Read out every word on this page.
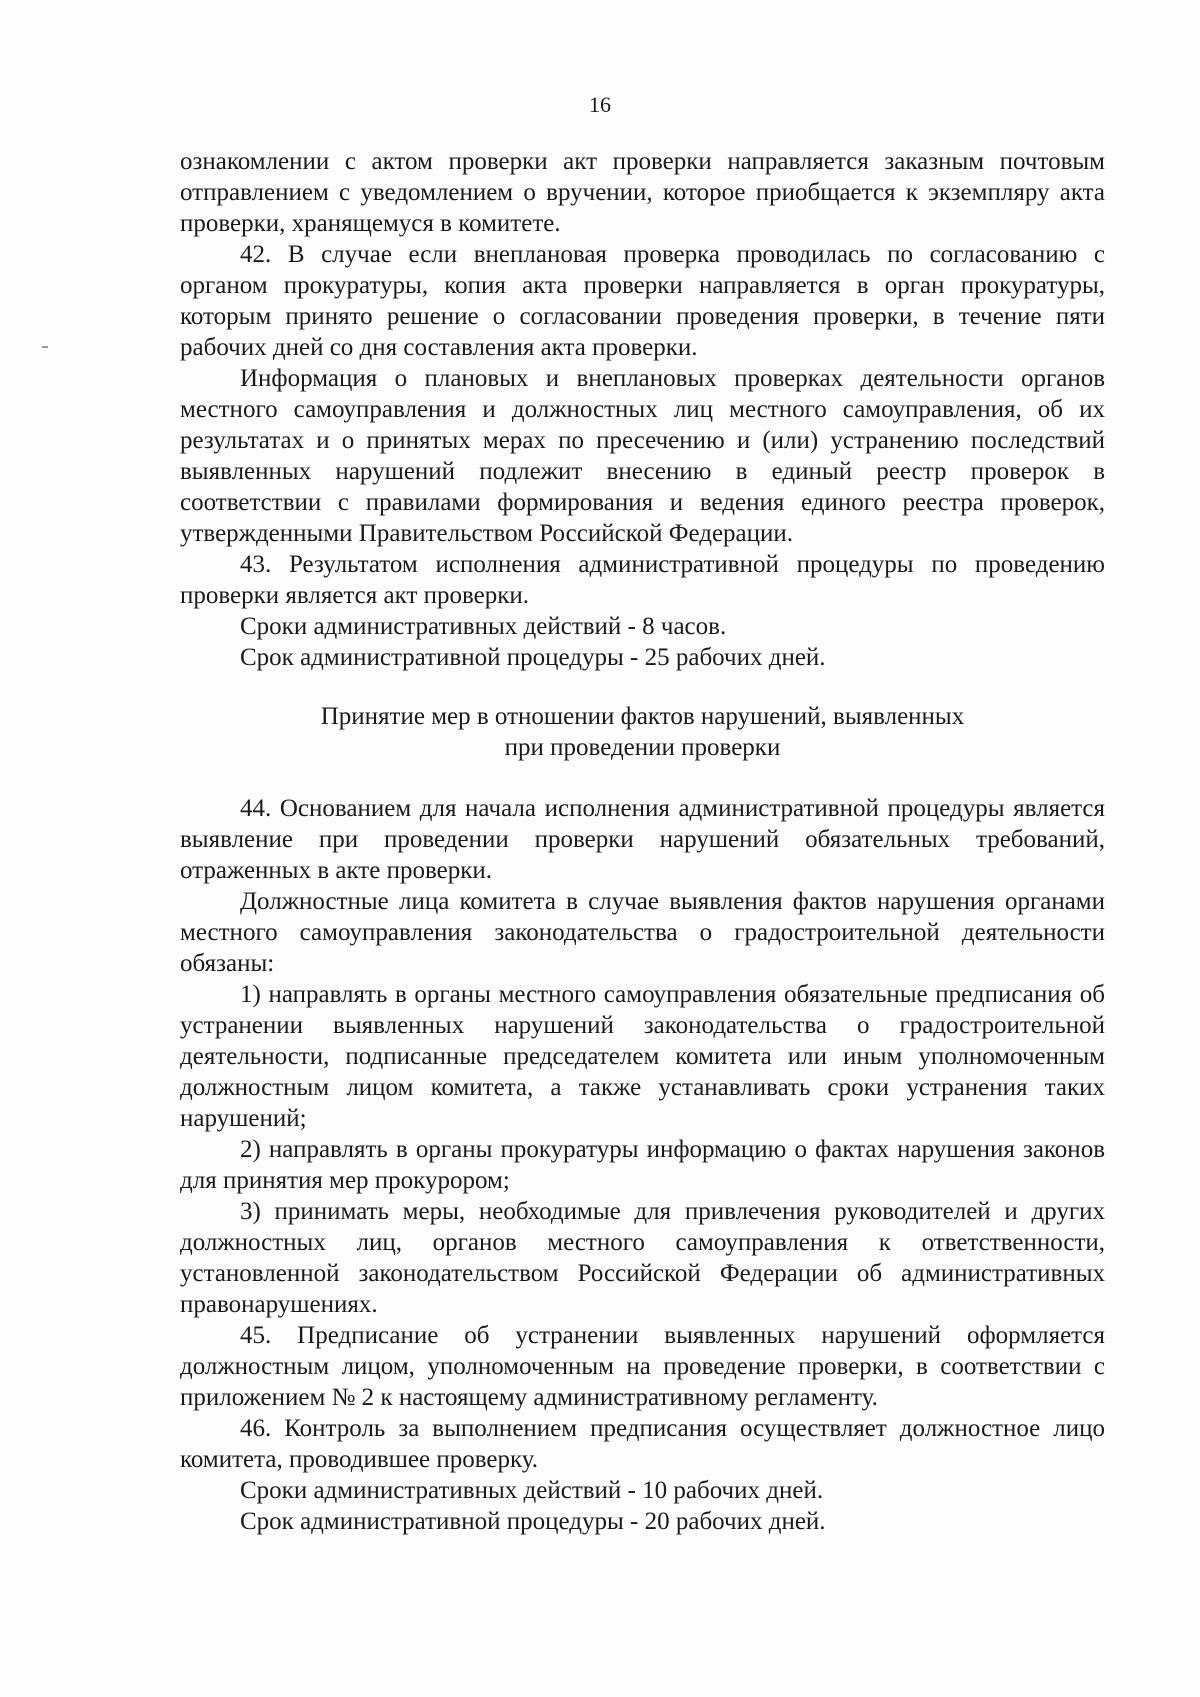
16

ознакомлении с актом проверки акт проверки направляется заказным почтовым отправлением с уведомлением о вручении, которое приобщается к экземпляру акта проверки, хранящемуся в комитете.

42. В случае если внеплановая проверка проводилась по согласованию с органом прокуратуры, копия акта проверки направляется в орган прокуратуры, которым принято решение о согласовании проведения проверки, в течение пяти рабочих дней со дня составления акта проверки.

Информация о плановых и внеплановых проверках деятельности органов местного самоуправления и должностных лиц местного самоуправления, об их результатах и о принятых мерах по пресечению и (или) устранению последствий выявленных нарушений подлежит внесению в единый реестр проверок в соответствии с правилами формирования и ведения единого реестра проверок, утвержденными Правительством Российской Федерации.

43. Результатом исполнения административной процедуры по проведению проверки является акт проверки.

Сроки административных действий - 8 часов.

Срок административной процедуры - 25 рабочих дней.

Принятие мер в отношении фактов нарушений, выявленных
при проведении проверки

44. Основанием для начала исполнения административной процедуры является выявление при проведении проверки нарушений обязательных требований, отраженных в акте проверки.

Должностные лица комитета в случае выявления фактов нарушения органами местного самоуправления законодательства о градостроительной деятельности обязаны:

1) направлять в органы местного самоуправления обязательные предписания об устранении выявленных нарушений законодательства о градостроительной деятельности, подписанные председателем комитета или иным уполномоченным должностным лицом комитета, а также устанавливать сроки устранения таких нарушений;

2) направлять в органы прокуратуры информацию о фактах нарушения законов для принятия мер прокурором;

3) принимать меры, необходимые для привлечения руководителей и других должностных лиц, органов местного самоуправления к ответственности, установленной законодательством Российской Федерации об административных правонарушениях.

45. Предписание об устранении выявленных нарушений оформляется должностным лицом, уполномоченным на проведение проверки, в соответствии с приложением № 2 к настоящему административному регламенту.

46. Контроль за выполнением предписания осуществляет должностное лицо комитета, проводившее проверку.

Сроки административных действий - 10 рабочих дней.

Срок административной процедуры - 20 рабочих дней.
